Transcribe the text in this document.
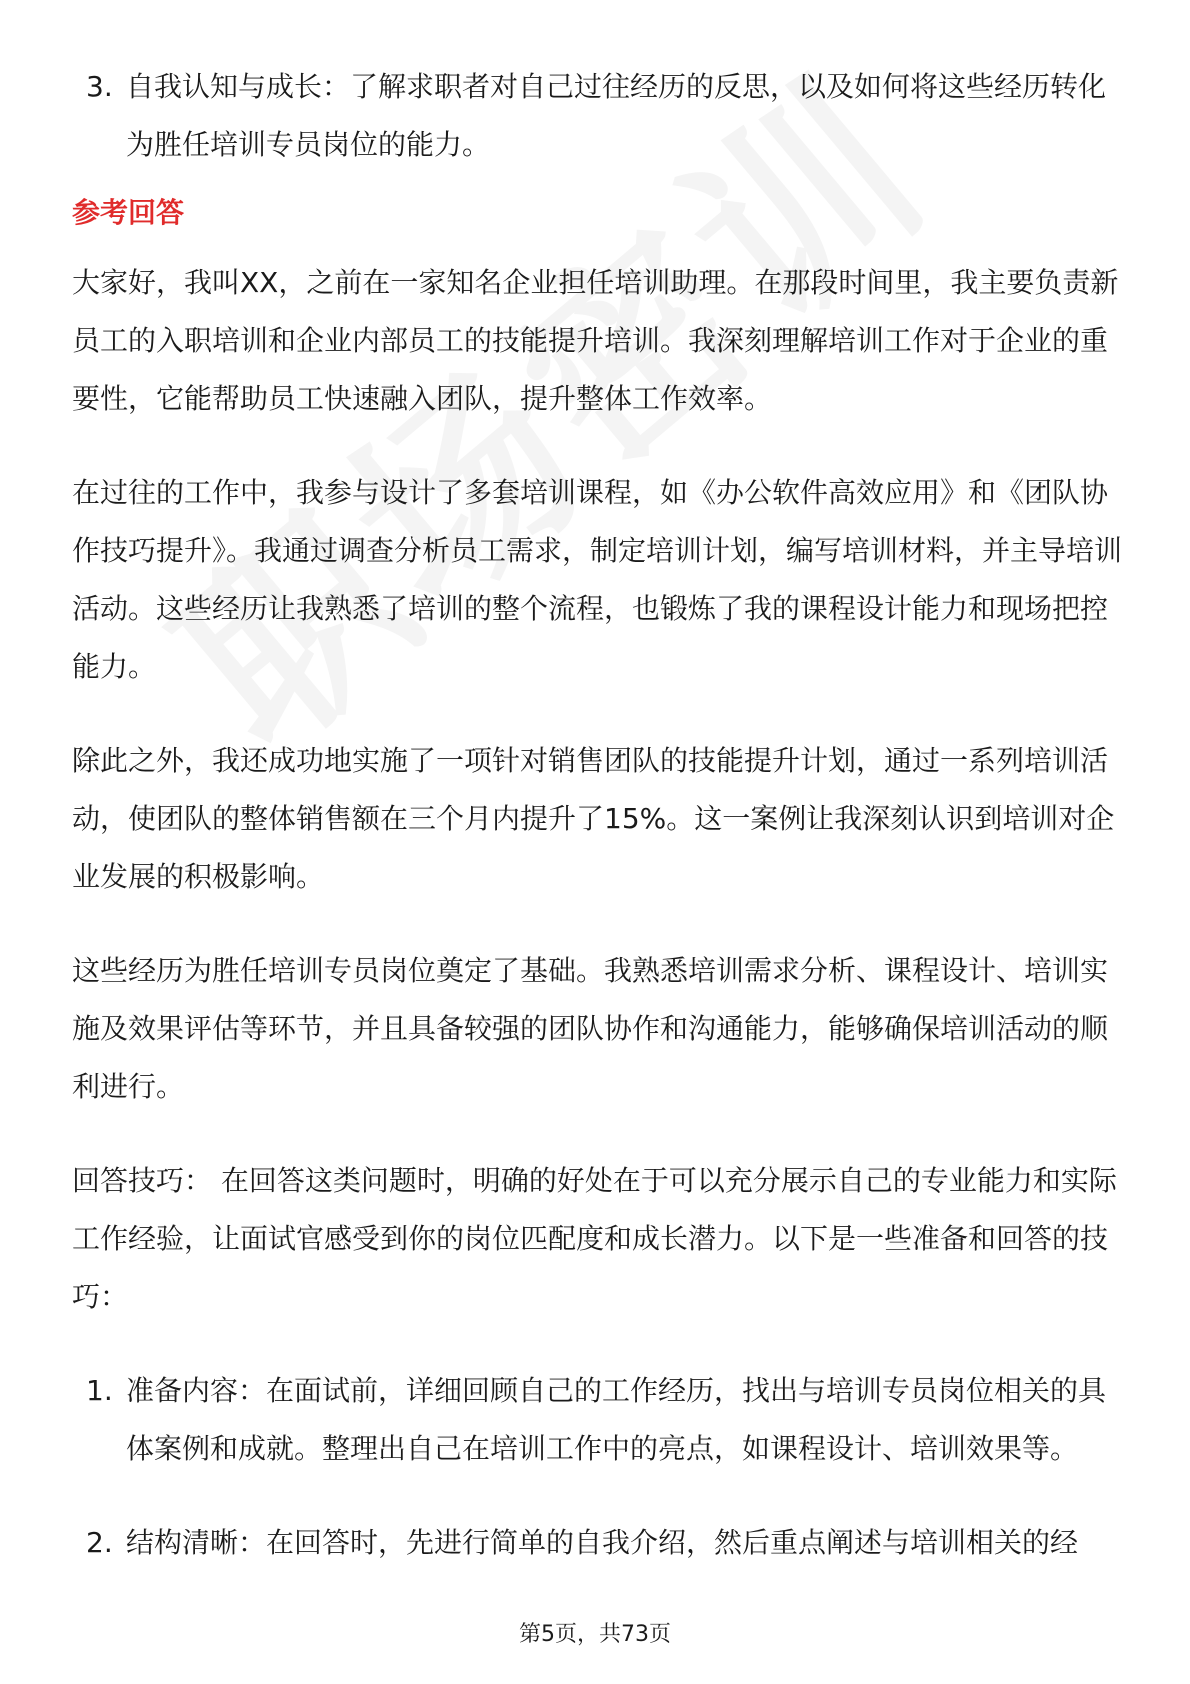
3. 自我认知与成长：了解求职者对自己过往经历的反思，以及如何将这些经历转化为胜任培训专员岗位的能力。
参考回答
大家好，我叫XX，之前在一家知名企业担任培训助理。在那段时间里，我主要负责新员工的入职培训和企业内部员工的技能提升培训。我深刻理解培训工作对于企业的重要性，它能帮助员工快速融入团队，提升整体工作效率。
在过往的工作中，我参与设计了多套培训课程，如《办公软件高效应用》和《团队协作技巧提升》。我通过调查分析员工需求，制定培训计划，编写培训材料，并主导培训活动。这些经历让我熟悉了培训的整个流程，也锻炼了我的课程设计能力和现场把控能力。
除此之外，我还成功地实施了一项针对销售团队的技能提升计划，通过一系列培训活动，使团队的整体销售额在三个月内提升了15%。这一案例让我深刻认识到培训对企业发展的积极影响。
这些经历为胜任培训专员岗位奠定了基础。我熟悉培训需求分析、课程设计、培训实施及效果评估等环节，并且具备较强的团队协作和沟通能力，能够确保培训活动的顺利进行。
回答技巧： 在回答这类问题时，明确的好处在于可以充分展示自己的专业能力和实际工作经验，让面试官感受到你的岗位匹配度和成长潜力。以下是一些准备和回答的技巧：
1. 准备内容：在面试前，详细回顾自己的工作经历，找出与培训专员岗位相关的具体案例和成就。整理出自己在培训工作中的亮点，如课程设计、培训效果等。
2. 结构清晰：在回答时，先进行简单的自我介绍，然后重点阐述与培训相关的经
第5页，共73页
